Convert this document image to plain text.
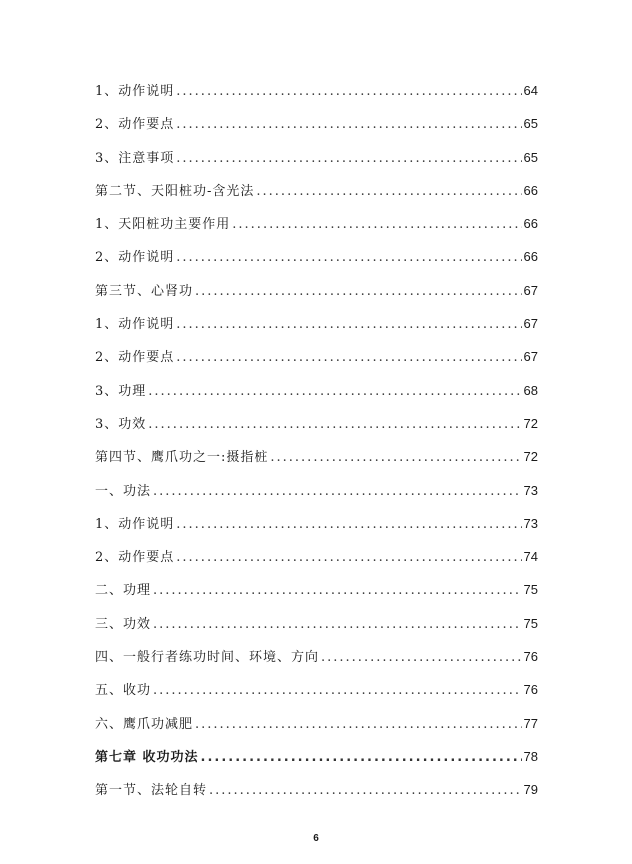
1、动作说明 .....	64
2、动作要点 .....	65
3、注意事项 .....	65
第二节、天阳桩功-含光法 .....	66
1、天阳桩功主要作用 .....	66
2、动作说明 .....	66
第三节、心肾功 .....	67
1、动作说明 .....	67
2、动作要点 .....	67
3、功理 .....	68
3、功效 .....	72
第四节、鹰爪功之一:摄指桩 .....	72
一、功法 .....	73
1、动作说明 .....	73
2、动作要点 .....	74
二、功理 .....	75
三、功效 .....	75
四、一般行者练功时间、环境、方向 .....	76
五、收功 .....	76
六、鹰爪功减肥 .....	77
第七章 收功功法 .....	78
第一节、法轮自转 .....	79
6
